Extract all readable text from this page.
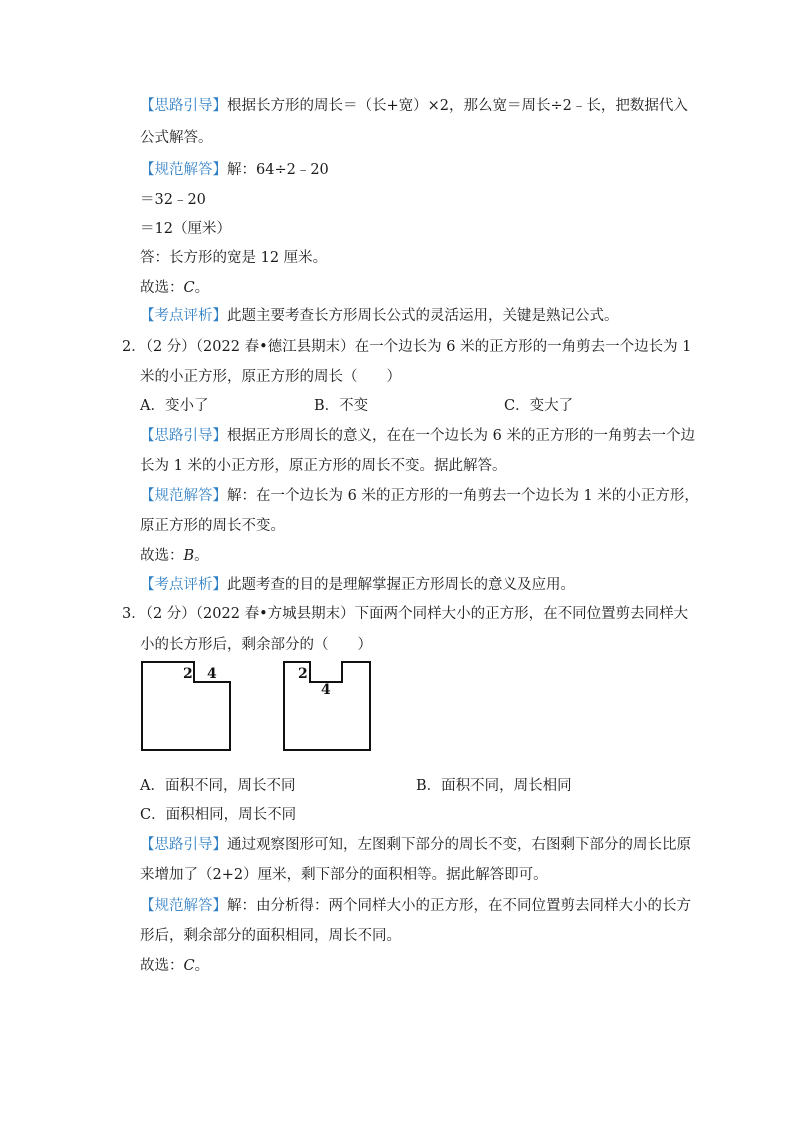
【思路引导】根据长方形的周长＝（长+宽）×2，那么宽＝周长÷2﹣长，把数据代入
公式解答。
【规范解答】解：64÷2﹣20
＝32﹣20
＝12（厘米）
答：长方形的宽是 12 厘米。
故选：C。
【考点评析】此题主要考查长方形周长公式的灵活运用，关键是熟记公式。
2．（2 分）（2022 春•德江县期末）在一个边长为 6 米的正方形的一角剪去一个边长为 1
米的小正方形，原正方形的周长（　　）
A．变小了	B．不变	C．变大了
【思路引导】根据正方形周长的意义，在在一个边长为 6 米的正方形的一角剪去一个边
长为 1 米的小正方形，原正方形的周长不变。据此解答。
【规范解答】解：在一个边长为 6 米的正方形的一角剪去一个边长为 1 米的小正方形，
原正方形的周长不变。
故选：B。
【考点评析】此题考查的目的是理解掌握正方形周长的意义及应用。
3．（2 分）（2022 春•方城县期末）下面两个同样大小的正方形，在不同位置剪去同样大
小的长方形后，剩余部分的（　　）
2 4	2
4
A．面积不同，周长不同	B．面积不同，周长相同
C．面积相同，周长不同
【思路引导】通过观察图形可知，左图剩下部分的周长不变，右图剩下部分的周长比原
来增加了（2+2）厘米，剩下部分的面积相等。据此解答即可。
【规范解答】解：由分析得：两个同样大小的正方形，在不同位置剪去同样大小的长方
形后，剩余部分的面积相同，周长不同。
故选：C。
